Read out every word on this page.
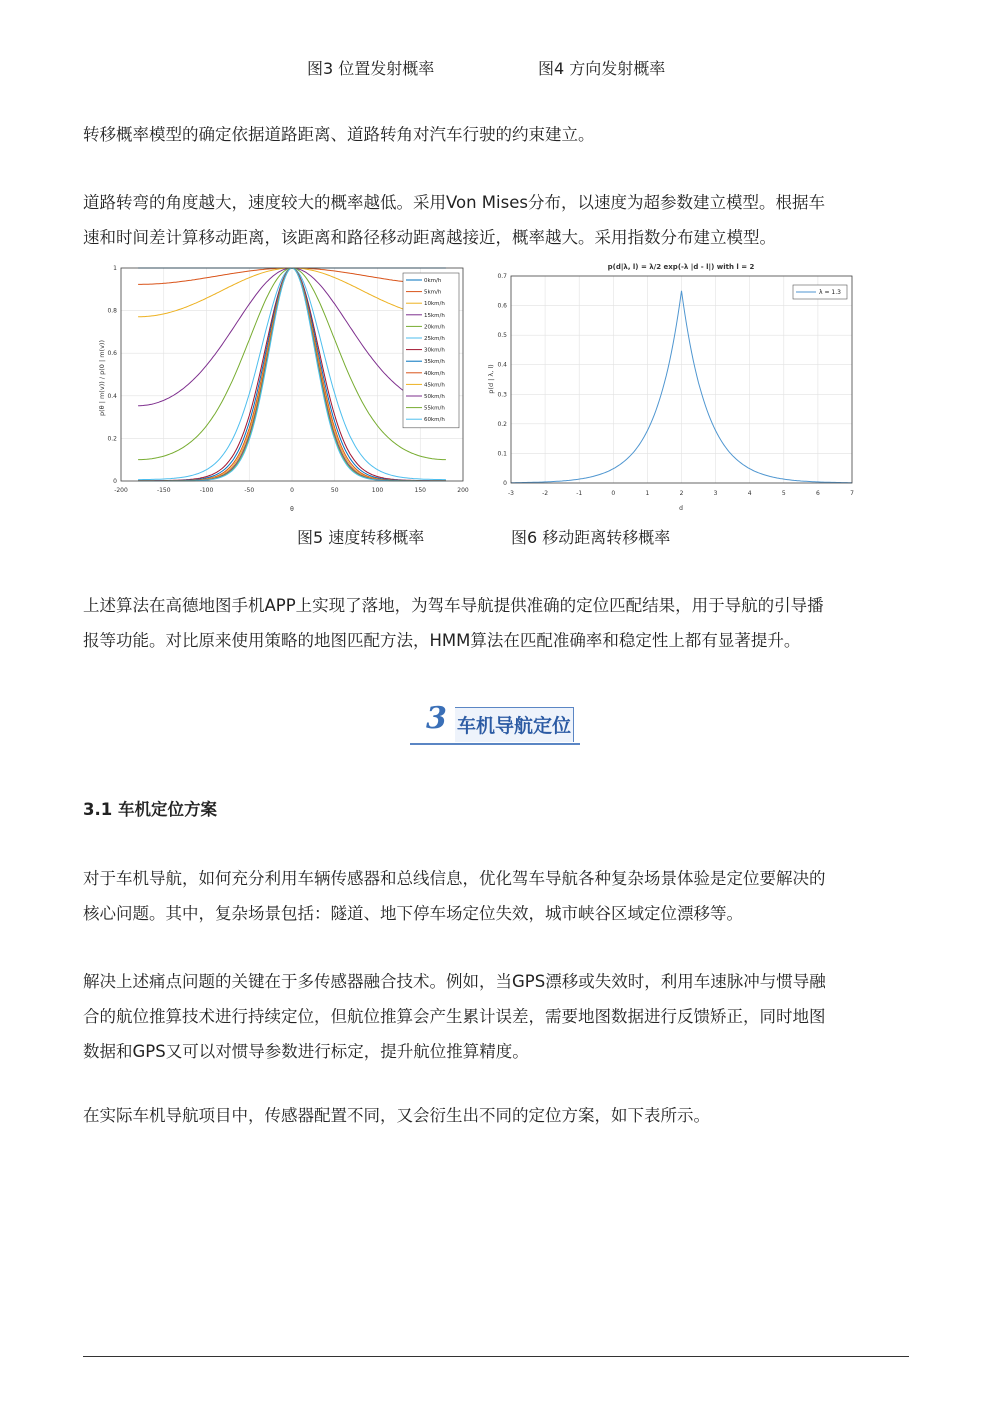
图3 位置发射概率	图4 方向发射概率

转移概率模型的确定依据道路距离、道路转角对汽车行驶的约束建立。

道路转弯的角度越大，速度较大的概率越低。采用Von Mises分布，以速度为超参数建立模型。根据车

速和时间差计算移动距离，该距离和路径移动距离越接近，概率越大。采用指数分布建立模型。

-200	-150	-100	-50	0	50	100	150	200
0
0.2
0.4
0.6
0.8
1
θ
p(θ | m(v)) / p(0 | m(v))
0km/h
5km/h
10km/h
15km/h
20km/h
25km/h
30km/h
35km/h
40km/h
45km/h
50km/h
55km/h
60km/h
p(d|λ, l) = λ/2 exp(-λ |d - l|) with l = 2
-3	-2	-1	0	1	2	3	4	5	6	7
0
0.1
0.2
0.3
0.4
0.5
0.6
0.7
d
p(d | λ, l)
λ = 1.3
图5 速度转移概率	图6 移动距离转移概率

上述算法在高德地图手机APP上实现了落地，为驾车导航提供准确的定位匹配结果，用于导航的引导播

报等功能。对比原来使用策略的地图匹配方法，HMM算法在匹配准确率和稳定性上都有显著提升。

3 车机导航定位
3.1 车机定位方案

对于车机导航，如何充分利用车辆传感器和总线信息，优化驾车导航各种复杂场景体验是定位要解决的

核心问题。其中，复杂场景包括：隧道、地下停车场定位失效，城市峡谷区域定位漂移等。

解决上述痛点问题的关键在于多传感器融合技术。例如，当GPS漂移或失效时，利用车速脉冲与惯导融

合的航位推算技术进行持续定位，但航位推算会产生累计误差，需要地图数据进行反馈矫正，同时地图

数据和GPS又可以对惯导参数进行标定，提升航位推算精度。

在实际车机导航项目中，传感器配置不同，又会衍生出不同的定位方案，如下表所示。
